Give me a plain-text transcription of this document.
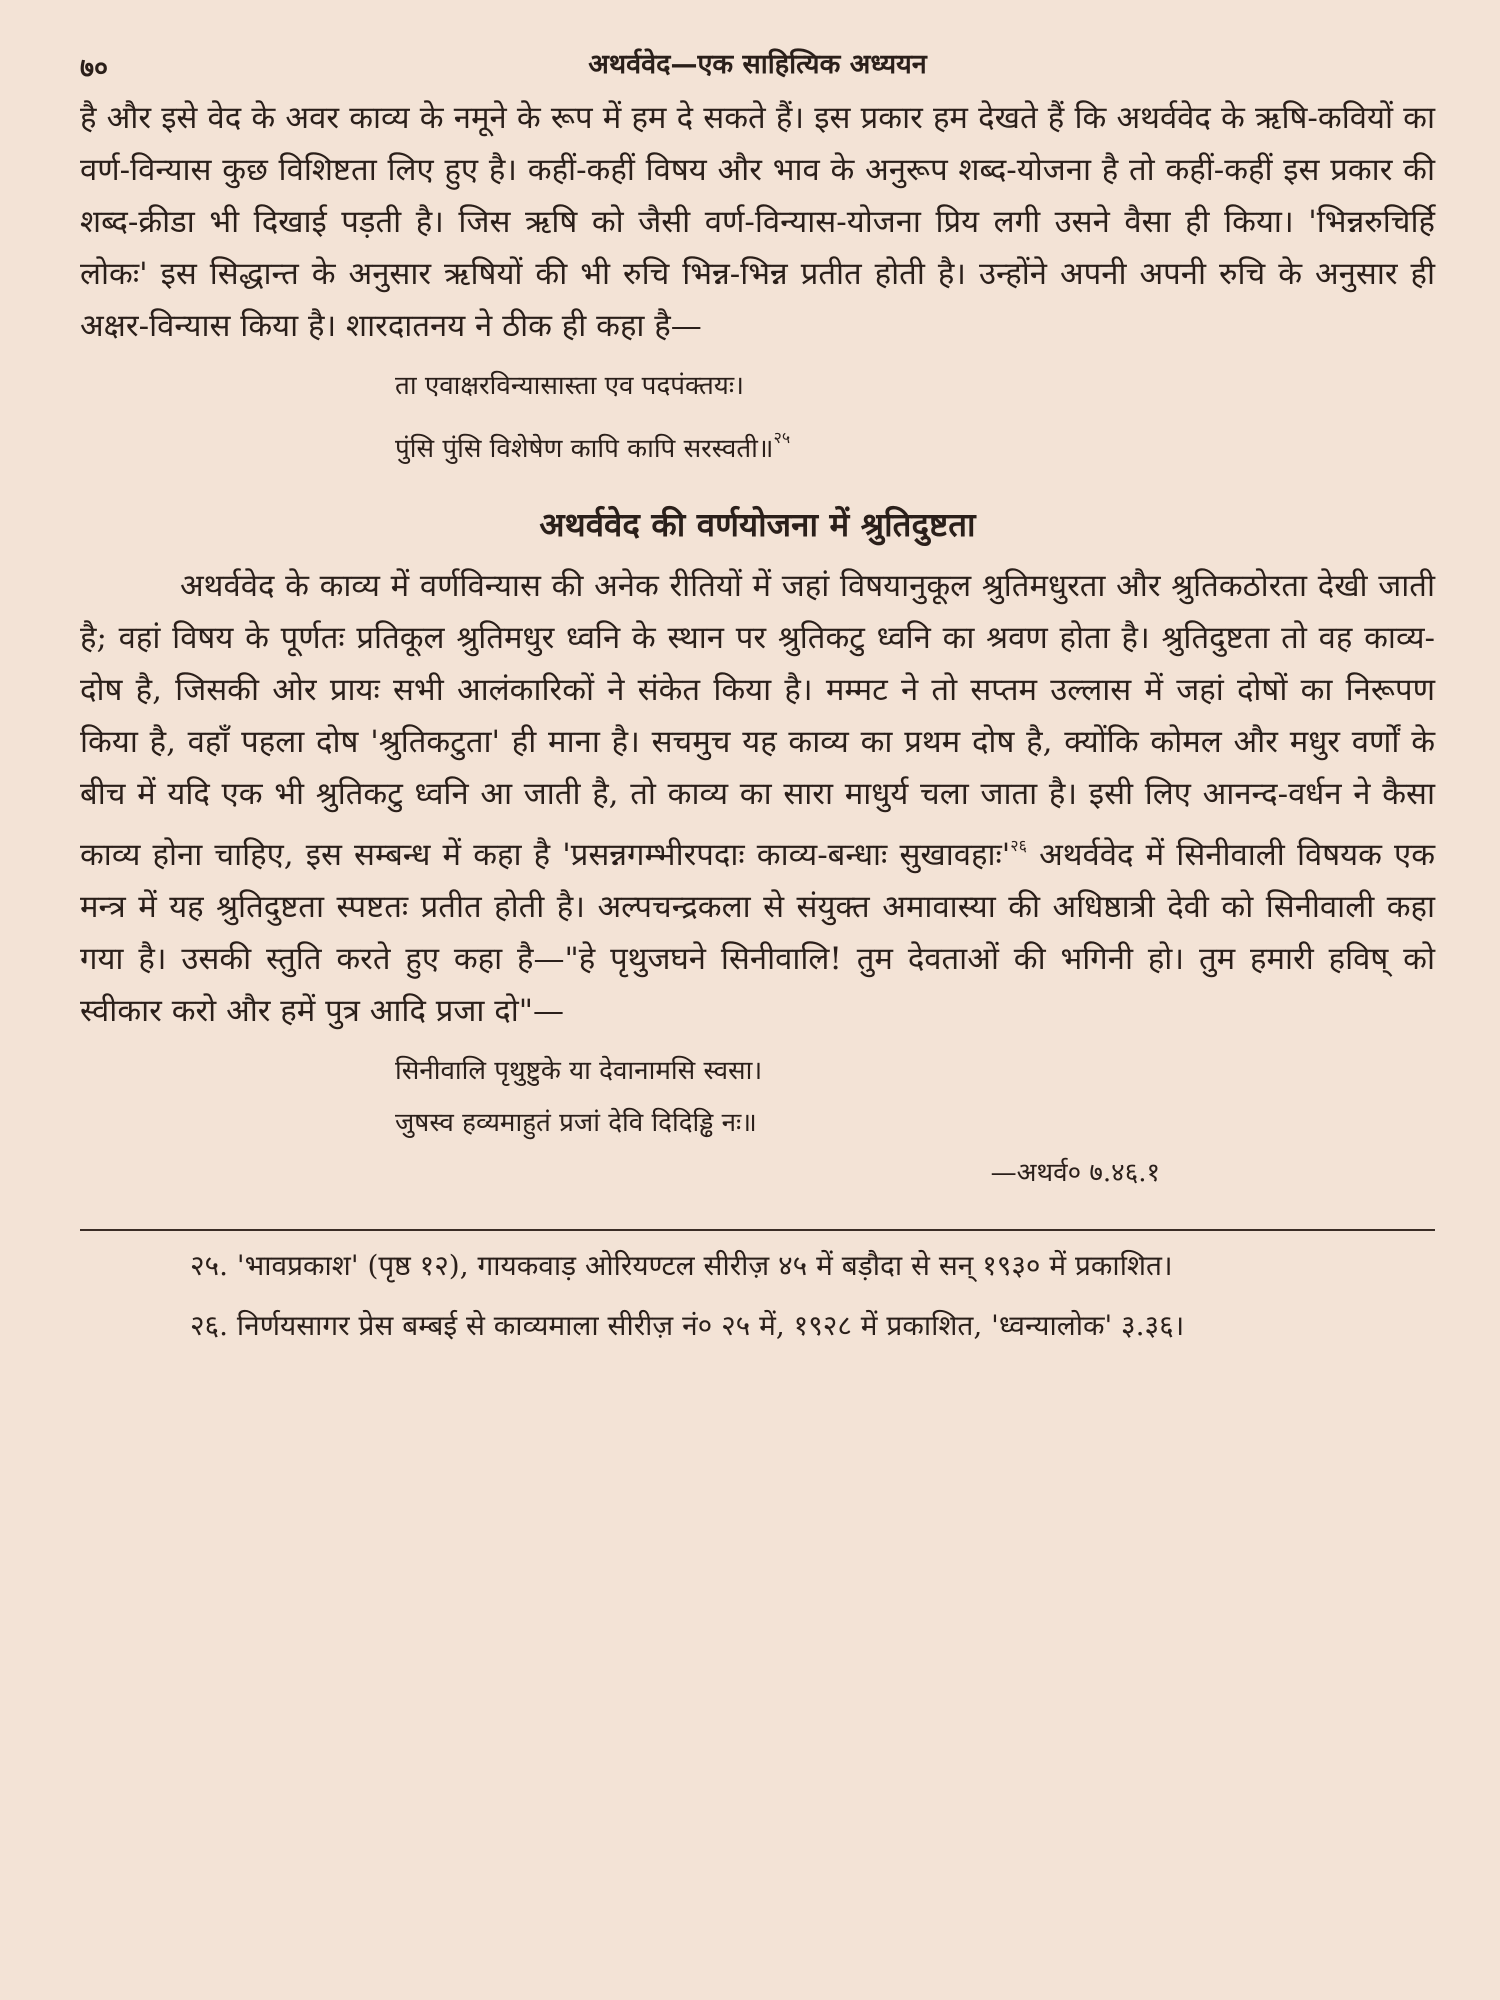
७०	अथर्ववेद—एक साहित्यिक अध्ययन

है और इसे वेद के अवर काव्य के नमूने के रूप में हम दे सकते हैं। इस प्रकार हम देखते हैं कि अथर्ववेद के ऋषि-कवियों का वर्ण-विन्यास कुछ विशिष्टता लिए हुए है। कहीं-कहीं विषय और भाव के अनुरूप शब्द-योजना है तो कहीं-कहीं इस प्रकार की शब्द-क्रीडा भी दिखाई पड़ती है। जिस ऋषि को जैसी वर्ण-विन्यास-योजना प्रिय लगी उसने वैसा ही किया। 'भिन्नरुचिर्हि लोकः' इस सिद्धान्त के अनुसार ऋषियों की भी रुचि भिन्न-भिन्न प्रतीत होती है। उन्होंने अपनी अपनी रुचि के अनुसार ही अक्षर-विन्यास किया है। शारदातनय ने ठीक ही कहा है—

ता एवाक्षरविन्यासास्ता एव पदपंक्तयः।
पुंसि पुंसि विशेषेण कापि कापि सरस्वती॥$^{२५}$
अथर्ववेद की वर्णयोजना में श्रुतिदुष्टता

अथर्ववेद के काव्य में वर्णविन्यास की अनेक रीतियों में जहां विषयानुकूल श्रुतिमधुरता और श्रुतिकठोरता देखी जाती है; वहां विषय के पूर्णतः प्रतिकूल श्रुतिमधुर ध्वनि के स्थान पर श्रुतिकटु ध्वनि का श्रवण होता है। श्रुतिदुष्टता तो वह काव्य-दोष है, जिसकी ओर प्रायः सभी आलंकारिकों ने संकेत किया है। मम्मट ने तो सप्तम उल्लास में जहां दोषों का निरूपण किया है, वहाँ पहला दोष 'श्रुतिकटुता' ही माना है। सचमुच यह काव्य का प्रथम दोष है, क्योंकि कोमल और मधुर वर्णों के बीच में यदि एक भी श्रुतिकटु ध्वनि आ जाती है, तो काव्य का सारा माधुर्य चला जाता है। इसी लिए आनन्द-वर्धन ने कैसा काव्य होना चाहिए, इस सम्बन्ध में कहा है 'प्रसन्नगम्भीरपदाः काव्य-बन्धाः सुखावहाः'$^{२६}$ अथर्ववेद में सिनीवाली विषयक एक मन्त्र में यह श्रुतिदुष्टता स्पष्टतः प्रतीत होती है। अल्पचन्द्रकला से संयुक्त अमावास्या की अधिष्ठात्री देवी को सिनीवाली कहा गया है। उसकी स्तुति करते हुए कहा है—"हे पृथुजघने सिनीवालि! तुम देवताओं की भगिनी हो। तुम हमारी हविष् को स्वीकार करो और हमें पुत्र आदि प्रजा दो"—

सिनीवालि पृथुष्टुके या देवानामसि स्वसा।
जुषस्व हव्यमाहुतं प्रजां देवि दिदिड्ढि नः॥
—अथर्व० ७.४६.१

२५. 'भावप्रकाश' (पृष्ठ १२), गायकवाड़ ओरियण्टल सीरीज़ ४५ में बड़ौदा से सन् १९३० में प्रकाशित।

२६. निर्णयसागर प्रेस बम्बई से काव्यमाला सीरीज़ नं० २५ में, १९२८ में प्रकाशित, 'ध्वन्यालोक' ३.३६।
